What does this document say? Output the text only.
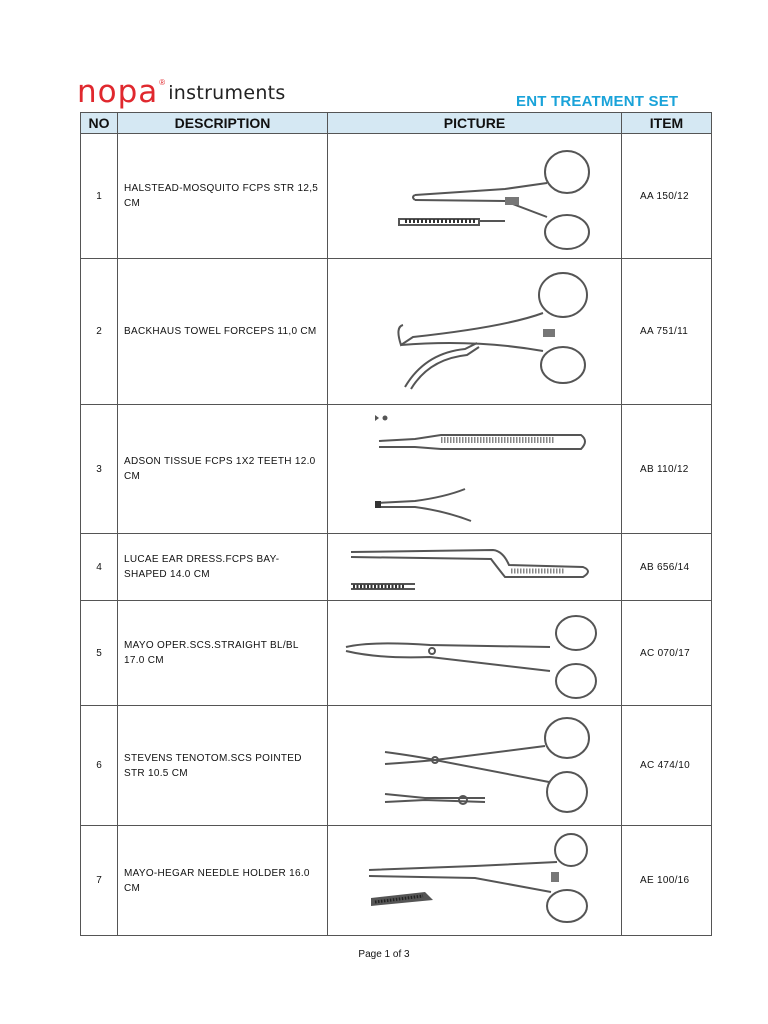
nopa ® instruments	ENT TREATMENT SET
NO	DESCRIPTION	PICTURE	ITEM
1	HALSTEAD-MOSQUITO FCPS STR 12,5 CM		AA 150/12
2	BACKHAUS TOWEL FORCEPS 11,0 CM		AA 751/11
3	ADSON TISSUE FCPS 1X2 TEETH 12.0 CM		AB 110/12
4	LUCAE EAR DRESS.FCPS BAY-SHAPED 14.0 CM		AB 656/14
5	MAYO OPER.SCS.STRAIGHT BL/BL 17.0 CM		AC 070/17
6	STEVENS TENOTOM.SCS POINTED STR 10.5 CM		AC 474/10
7	MAYO-HEGAR NEEDLE HOLDER 16.0 CM		AE 100/16
Page 1 of 3
